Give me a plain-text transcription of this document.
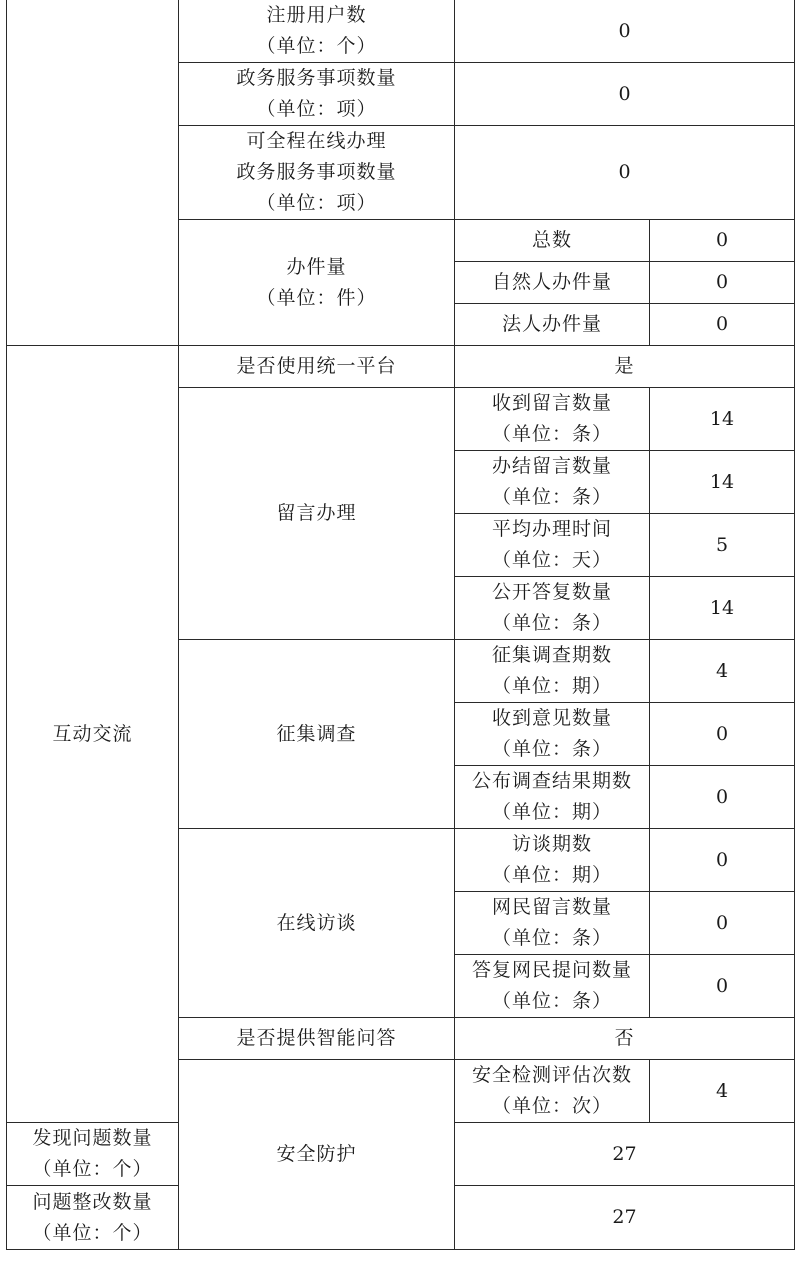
	注册用户数
（单位：个）	0	

	政务服务事项数量
（单位：项）	0	

	可全程在线办理
政务服务事项数量
（单位：项）	0	

	办件量
（单位：件）	总数	0
		自然人办件量	0
		法人办件量	0

互动交流	是否使用统一平台	是	
	留言办理	收到留言数量
（单位：条）	14

		办结留言数量
（单位：条）	14

		平均办理时间
（单位：天）	5

		公开答复数量
（单位：条）	14
	征集调查	征集调查期数
（单位：期）	4

		收到意见数量
（单位：条）	0

		公布调查结果期数
（单位：期）	0
	在线访谈	访谈期数
（单位：期）	0

		网民留言数量
（单位：条）	0

		答复网民提问数量
（单位：条）	0
	是否提供智能问答	否	
	安全防护	安全检测评估次数
（单位：次）	4

发现问题数量
（单位：个）		27	

问题整改数量
（单位：个）		27	
